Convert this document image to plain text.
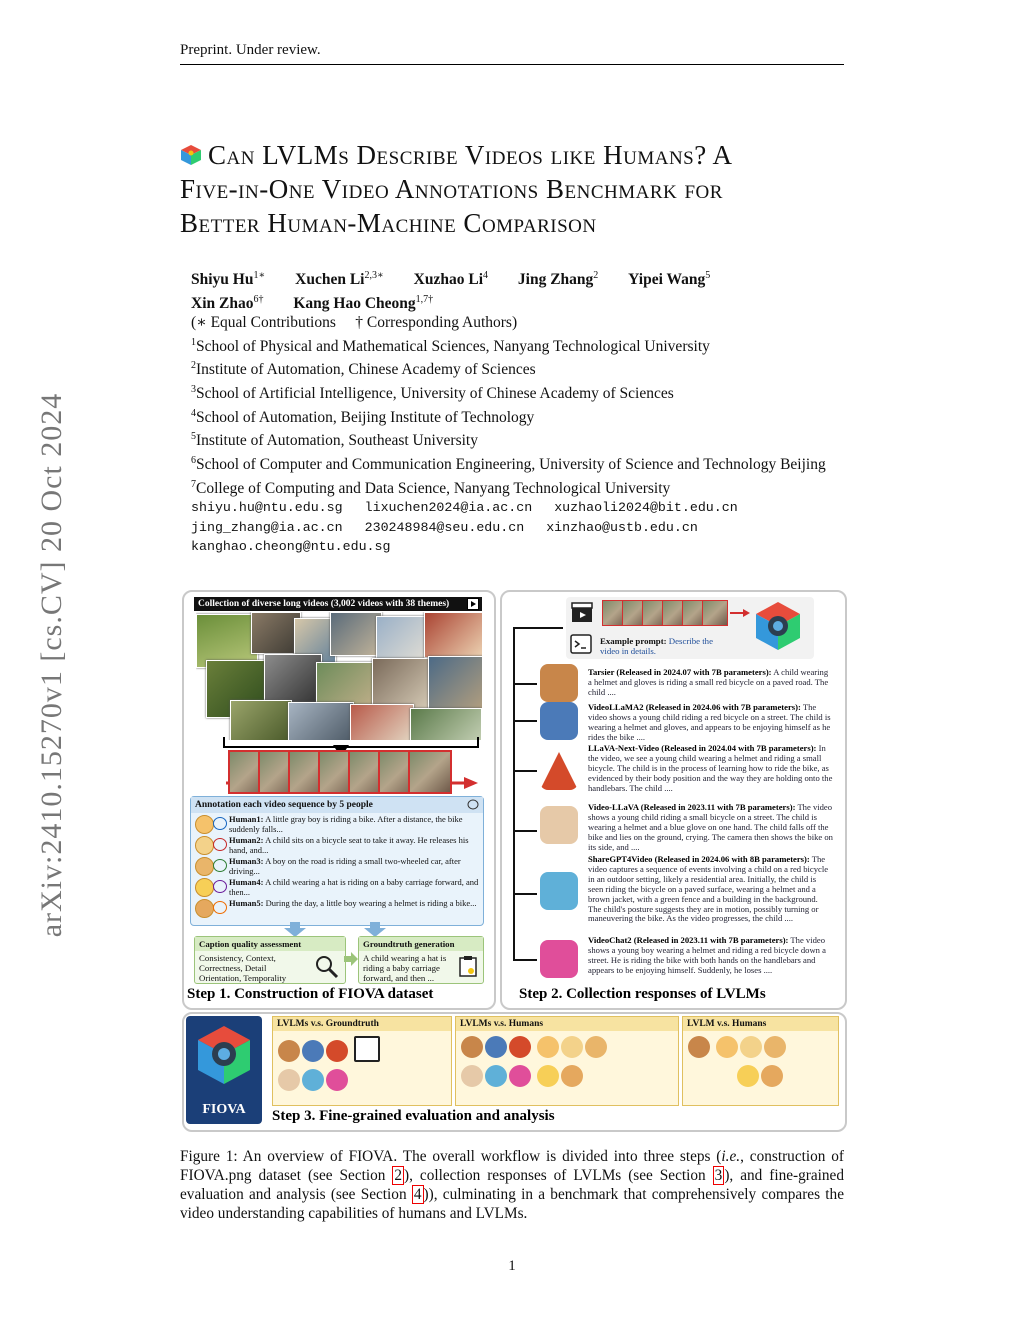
Preprint. Under review.
arXiv:2410.15270v1 [cs.CV] 20 Oct 2024
Can LVLMs Describe Videos like Humans? A
Five-in-One Video Annotations Benchmark for
Better Human-Machine Comparison
Shiyu $Hu^{1∗}$ Xuchen $Li^{2,3∗}$ Xuzhao Li$^4$ Jing Zhang$^2$ Yipei Wang$^5$
Xin Zhao$^{6\dagger}$ Kang Hao Cheong$^{1,7\dagger}$
(∗ Equal Contributions     † Corresponding Authors)
$^1$School of Physical and Mathematical Sciences, Nanyang Technological University
$^2$Institute of Automation, Chinese Academy of Sciences
$^3$School of Artificial Intelligence, University of Chinese Academy of Sciences
$^4$School of Automation, Beijing Institute of Technology
$^5$Institute of Automation, Southeast University
$^6$School of Computer and Communication Engineering, University of Science and Technology Beijing
$^7$College of Computing and Data Science, Nanyang Technological University
shiyu.hu@ntu.edu.sg lixuchen2024@ia.ac.cn xuzhaoli2024@bit.edu.cn
jing_zhang@ia.ac.cn 230248984@seu.edu.cn xinzhao@ustb.edu.cn
kanghao.cheong@ntu.edu.sg
Collection of diverse long videos (3,002 videos with 38 themes)
Annotation each video sequence by 5 people
Human1: A little gray boy is riding a bike. After a distance, the bike suddenly falls...
Human2: A child sits on a bicycle seat to take it away. He releases his hand, and...
Human3: A boy on the road is riding a small two-wheeled car, after driving...
Human4: A child wearing a hat is riding on a baby carriage forward, and then...
Human5: During the day, a little boy wearing a helmet is riding a bike...
Caption quality assessment
Consistency, Context, Correctness, Detail Orientation, Temporality
Groundtruth generation
A child wearing a hat is riding a baby carriage forward, and then ...
Step 1. Construction of FIOVA dataset
Example prompt: Describe the video in details.
Tarsier (Released in 2024.07 with 7B parameters): A child wearing a helmet and gloves is riding a small red bicycle on a paved road. The child ....
VideoLLaMA2 (Released in 2024.06 with 7B parameters): The video shows a young child riding a red bicycle on a street. The child is wearing a helmet and gloves, and appears to be enjoying himself as he rides the bike ....
LLaVA-Next-Video (Released in 2024.04 with 7B parameters): In the video, we see a young child wearing a helmet and riding a small bicycle. The child is in the process of learning how to ride the bike, as evidenced by their body position and the way they are holding onto the handlebars. The child ....
Video-LLaVA (Released in 2023.11 with 7B parameters): The video shows a young child riding a small bicycle on a street. The child is wearing a helmet and a blue glove on one hand. The child falls off the bike and lies on the ground, crying. The camera then shows the bike on its side, and ....
ShareGPT4Video (Released in 2024.06 with 8B parameters): The video captures a sequence of events involving a child on a red bicycle in an outdoor setting, likely a residential area. Initially, the child is seen riding the bicycle on a paved surface, wearing a helmet and a brown jacket, with a green fence and a building in the background. The child's posture suggests they are in motion, possibly turning or maneuvering the bike. As the video progresses, the child ....
VideoChat2 (Released in 2023.11 with 7B parameters): The video shows a young boy wearing a helmet and riding a red bicycle down a street. He is riding the bike with both hands on the handlebars and appears to be enjoying himself. Suddenly, he loses ....
Step 2. Collection responses of LVLMs
FIOVA
LVLMs v.s. Groundtruth
	LVLMs v.s. Humans

	LVLM v.s. Humans

Step 3. Fine-grained evaluation and analysis
Figure 1: An overview of FIOVA. The overall workflow is divided into three steps (i.e., construction of FIOVA.png dataset (see Section 2 ), collection responses of LVLMs (see Section 3 ), and fine-grained evaluation and analysis (see Section 4 )), culminating in a benchmark that comprehensively compares the video understanding capabilities of humans and LVLMs.
1
